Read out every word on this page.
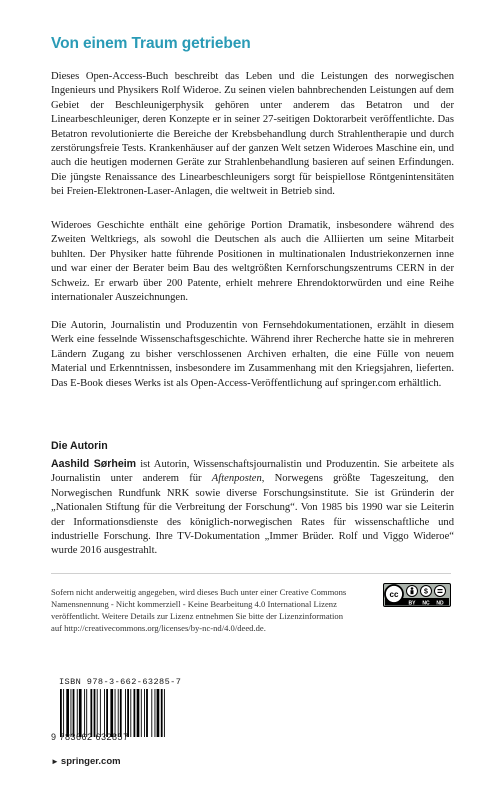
Von einem Traum getrieben
Dieses Open-Access-Buch beschreibt das Leben und die Leistungen des norwegischen Ingenieurs und Physikers Rolf Wideroe. Zu seinen vielen bahnbrechenden Leistungen auf dem Gebiet der Beschleunigerphysik gehören unter anderem das Betatron und der Linearbeschleuniger, deren Konzepte er in seiner 27-seitigen Doktorarbeit veröffentlichte. Das Betatron revolutionierte die Bereiche der Krebsbehandlung durch Strahlentherapie und durch zerstörungsfreie Tests. Krankenhäuser auf der ganzen Welt setzen Wideroes Maschine ein, und auch die heutigen modernen Geräte zur Strahlenbehandlung basieren auf seinen Erfindungen. Die jüngste Renaissance des Linearbeschleunigers sorgt für beispiellose Röntgenintensitäten bei Freien-Elektronen-Laser-Anlagen, die weltweit in Betrieb sind.
Wideroes Geschichte enthält eine gehörige Portion Dramatik, insbesondere während des Zweiten Weltkriegs, als sowohl die Deutschen als auch die Alliierten um seine Mitarbeit buhlten. Der Physiker hatte führende Positionen in multinationalen Industriekonzernen inne und war einer der Berater beim Bau des weltgrößten Kernforschungszentrums CERN in der Schweiz. Er erwarb über 200 Patente, erhielt mehrere Ehrendoktorwürden und eine Reihe internationaler Auszeichnungen.
Die Autorin, Journalistin und Produzentin von Fernsehdokumentationen, erzählt in diesem Werk eine fesselnde Wissenschaftsgeschichte. Während ihrer Recherche hatte sie in mehreren Ländern Zugang zu bisher verschlossenen Archiven erhalten, die eine Fülle von neuem Material und Erkenntnissen, insbesondere im Zusammenhang mit den Kriegsjahren, lieferten. Das E-Book dieses Werks ist als Open-Access-Veröffentlichung auf springer.com erhältlich.
Die Autorin
Aashild Sørheim ist Autorin, Wissenschaftsjournalistin und Produzentin. Sie arbeitete als Journalistin unter anderem für Aftenposten, Norwegens größte Tageszeitung, den Norwegischen Rundfunk NRK sowie diverse Forschungsinstitute. Sie ist Gründerin der „Nationalen Stiftung für die Verbreitung der Forschung“. Von 1985 bis 1990 war sie Leiterin der Informationsdienste des königlich-norwegischen Rates für wissenschaftliche und industrielle Forschung. Ihre TV-Dokumentation „Immer Brüder. Rolf und Viggo Wideroe“ wurde 2016 ausgestrahlt.
Sofern nicht anderweitig angegeben, wird dieses Buch unter einer Creative Commons Namensnennung - Nicht kommerziell - Keine Bearbeitung 4.0 International Lizenz veröffentlicht. Weitere Details zur Lizenz entnehmen Sie bitte der Lizenzinformation auf http://creativecommons.org/licenses/by-nc-nd/4.0/deed.de.
cc	$
BY NC ND
ISBN 978-3-662-63285-7
9 783662 632857
► springer.com
